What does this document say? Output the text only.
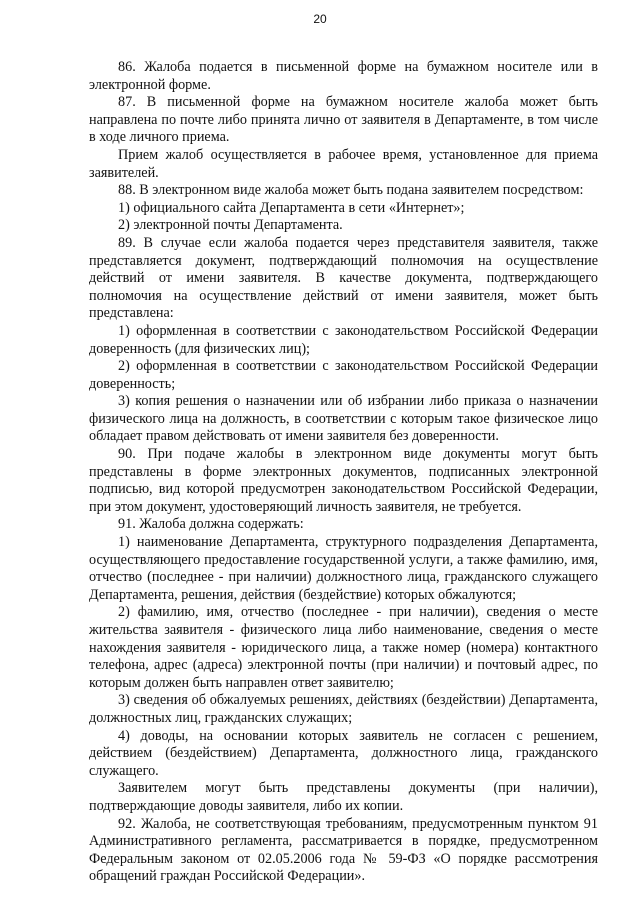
20

86. Жалоба подается в письменной форме на бумажном носителе или в электронной форме.

87. В письменной форме на бумажном носителе жалоба может быть направлена по почте либо принята лично от заявителя в Департаменте, в том числе в ходе личного приема.

Прием жалоб осуществляется в рабочее время, установленное для приема заявителей.

88. В электронном виде жалоба может быть подана заявителем посредством:

1) официального сайта Департамента в сети «Интернет»;

2) электронной почты Департамента.

89. В случае если жалоба подается через представителя заявителя, также представляется документ, подтверждающий полномочия на осуществление действий от имени заявителя. В качестве документа, подтверждающего полномочия на осуществление действий от имени заявителя, может быть представлена:

1) оформленная в соответствии с законодательством Российской Федерации доверенность (для физических лиц);

2) оформленная в соответствии с законодательством Российской Федерации доверенность;

3) копия решения о назначении или об избрании либо приказа о назначении физического лица на должность, в соответствии с которым такое физическое лицо обладает правом действовать от имени заявителя без доверенности.

90. При подаче жалобы в электронном виде документы могут быть представлены в форме электронных документов, подписанных электронной подписью, вид которой предусмотрен законодательством Российской Федерации, при этом документ, удостоверяющий личность заявителя, не требуется.

91. Жалоба должна содержать:

1) наименование Департамента, структурного подразделения Департамента, осуществляющего предоставление государственной услуги, а также фамилию, имя, отчество (последнее - при наличии) должностного лица, гражданского служащего Департамента, решения, действия (бездействие) которых обжалуются;

2) фамилию, имя, отчество (последнее - при наличии), сведения о месте жительства заявителя - физического лица либо наименование, сведения о месте нахождения заявителя - юридического лица, а также номер (номера) контактного телефона, адрес (адреса) электронной почты (при наличии) и почтовый адрес, по которым должен быть направлен ответ заявителю;

3) сведения об обжалуемых решениях, действиях (бездействии) Департамента, должностных лиц, гражданских служащих;

4) доводы, на основании которых заявитель не согласен с решением, действием (бездействием) Департамента, должностного лица, гражданского служащего.

Заявителем могут быть представлены документы (при наличии), подтверждающие доводы заявителя, либо их копии.

92. Жалоба, не соответствующая требованиям, предусмотренным пунктом 91 Административного регламента, рассматривается в порядке, предусмотренном Федеральным законом от 02.05.2006 года № 59-ФЗ «О порядке рассмотрения обращений граждан Российской Федерации».
